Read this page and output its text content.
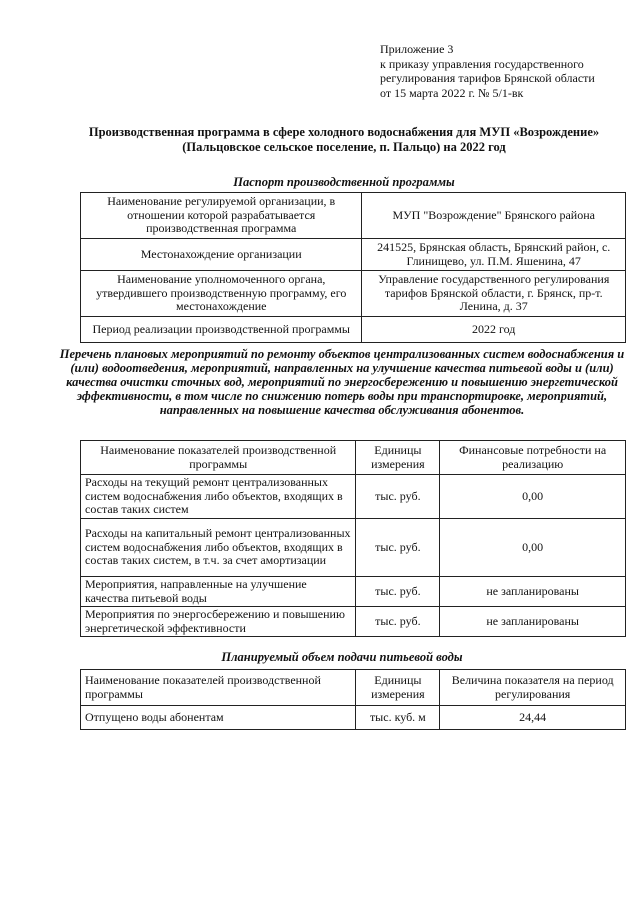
Приложение 3
к приказу управления государственного
регулирования тарифов Брянской области
от 15 марта 2022 г. № 5/1-вк
Производственная программа в сфере холодного водоснабжения для МУП «Возрождение»
(Пальцовское сельское поселение, п. Пальцо) на 2022 год
Паспорт производственной программы
Наименование регулируемой организации, в отношении которой разрабатывается производственная программа	МУП "Возрождение" Брянского района
Местонахождение организации	241525, Брянская область, Брянский район, с. Глинищево, ул. П.М. Яшенина, 47
Наименование уполномоченного органа, утвердившего производственную программу, его местонахождение	Управление государственного регулирования тарифов Брянской области, г. Брянск, пр-т. Ленина, д. 37
Период реализации производственной программы	2022 год
Перечень плановых мероприятий по ремонту объектов централизованных систем водоснабжения и (или) водоотведения, мероприятий, направленных на улучшение качества питьевой воды и (или) качества очистки сточных вод, мероприятий по энергосбережению и повышению энергетической эффективности, в том числе по снижению потерь воды при транспортировке, мероприятий, направленных на повышение качества обслуживания абонентов.
Наименование показателей производственной программы	Единицы измерения	Финансовые потребности на реализацию
Расходы на текущий ремонт централизованных систем водоснабжения либо объектов, входящих в состав таких систем	тыс. руб.	0,00
Расходы на капитальный ремонт централизованных систем водоснабжения либо объектов, входящих в состав таких систем, в т.ч. за счет амортизации	тыс. руб.	0,00
Мероприятия, направленные на улучшение качества питьевой воды	тыс. руб.	не запланированы
Мероприятия по энергосбережению и повышению энергетической эффективности	тыс. руб.	не запланированы
Планируемый объем подачи питьевой воды
Наименование показателей производственной программы	Единицы измерения	Величина показателя на период регулирования
Отпущено воды абонентам	тыс. куб. м	24,44
